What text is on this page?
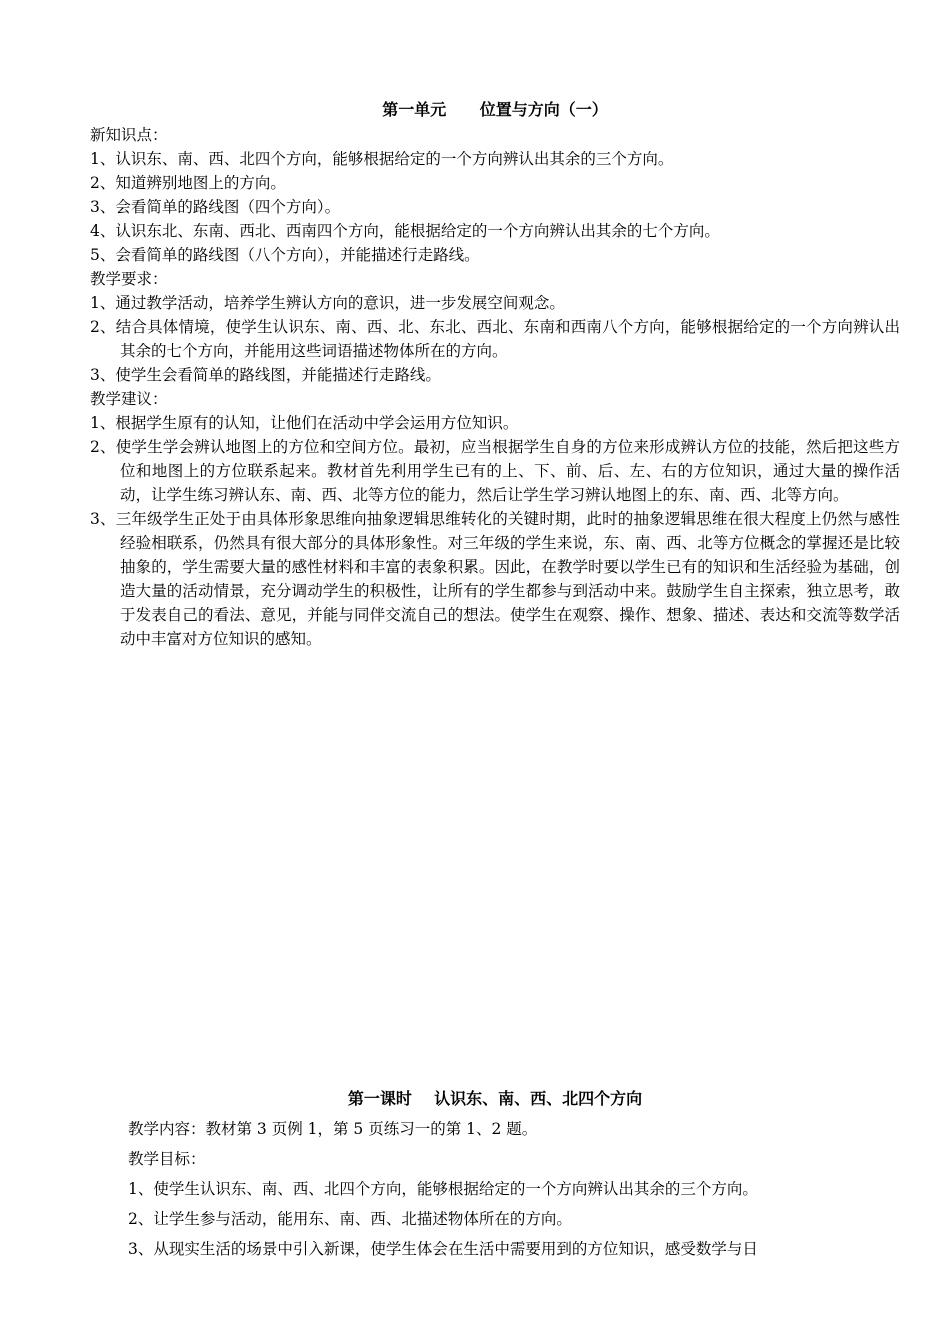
第一单元      位置与方向（一）
新知识点：
1、认识东、南、西、北四个方向，能够根据给定的一个方向辨认出其余的三个方向。
2、知道辨别地图上的方向。
3、会看简单的路线图（四个方向）。
4、认识东北、东南、西北、西南四个方向，能根据给定的一个方向辨认出其余的七个方向。
5、会看简单的路线图（八个方向），并能描述行走路线。
教学要求：
1、通过教学活动，培养学生辨认方向的意识，进一步发展空间观念。
2、结合具体情境，使学生认识东、南、西、北、东北、西北、东南和西南八个方向，能够根据给定的一个方向辨认出其余的七个方向，并能用这些词语描述物体所在的方向。
3、使学生会看简单的路线图，并能描述行走路线。
教学建议：
1、根据学生原有的认知，让他们在活动中学会运用方位知识。
2、使学生学会辨认地图上的方位和空间方位。最初，应当根据学生自身的方位来形成辨认方位的技能，然后把这些方位和地图上的方位联系起来。教材首先利用学生已有的上、下、前、后、左、右的方位知识，通过大量的操作活动，让学生练习辨认东、南、西、北等方位的能力，然后让学生学习辨认地图上的东、南、西、北等方向。
3、三年级学生正处于由具体形象思维向抽象逻辑思维转化的关键时期，此时的抽象逻辑思维在很大程度上仍然与感性经验相联系，仍然具有很大部分的具体形象性。对三年级的学生来说，东、南、西、北等方位概念的掌握还是比较抽象的，学生需要大量的感性材料和丰富的表象积累。因此，在教学时要以学生已有的知识和生活经验为基础，创造大量的活动情景，充分调动学生的积极性，让所有的学生都参与到活动中来。鼓励学生自主探索，独立思考，敢于发表自己的看法、意见，并能与同伴交流自己的想法。使学生在观察、操作、想象、描述、表达和交流等数学活动中丰富对方位知识的感知。
第一课时    认识东、南、西、北四个方向
教学内容：教材第 3 页例 1，第 5 页练习一的第 1、2 题。
教学目标：
1、使学生认识东、南、西、北四个方向，能够根据给定的一个方向辨认出其余的三个方向。
2、让学生参与活动，能用东、南、西、北描述物体所在的方向。
3、从现实生活的场景中引入新课，使学生体会在生活中需要用到的方位知识，感受数学与日
